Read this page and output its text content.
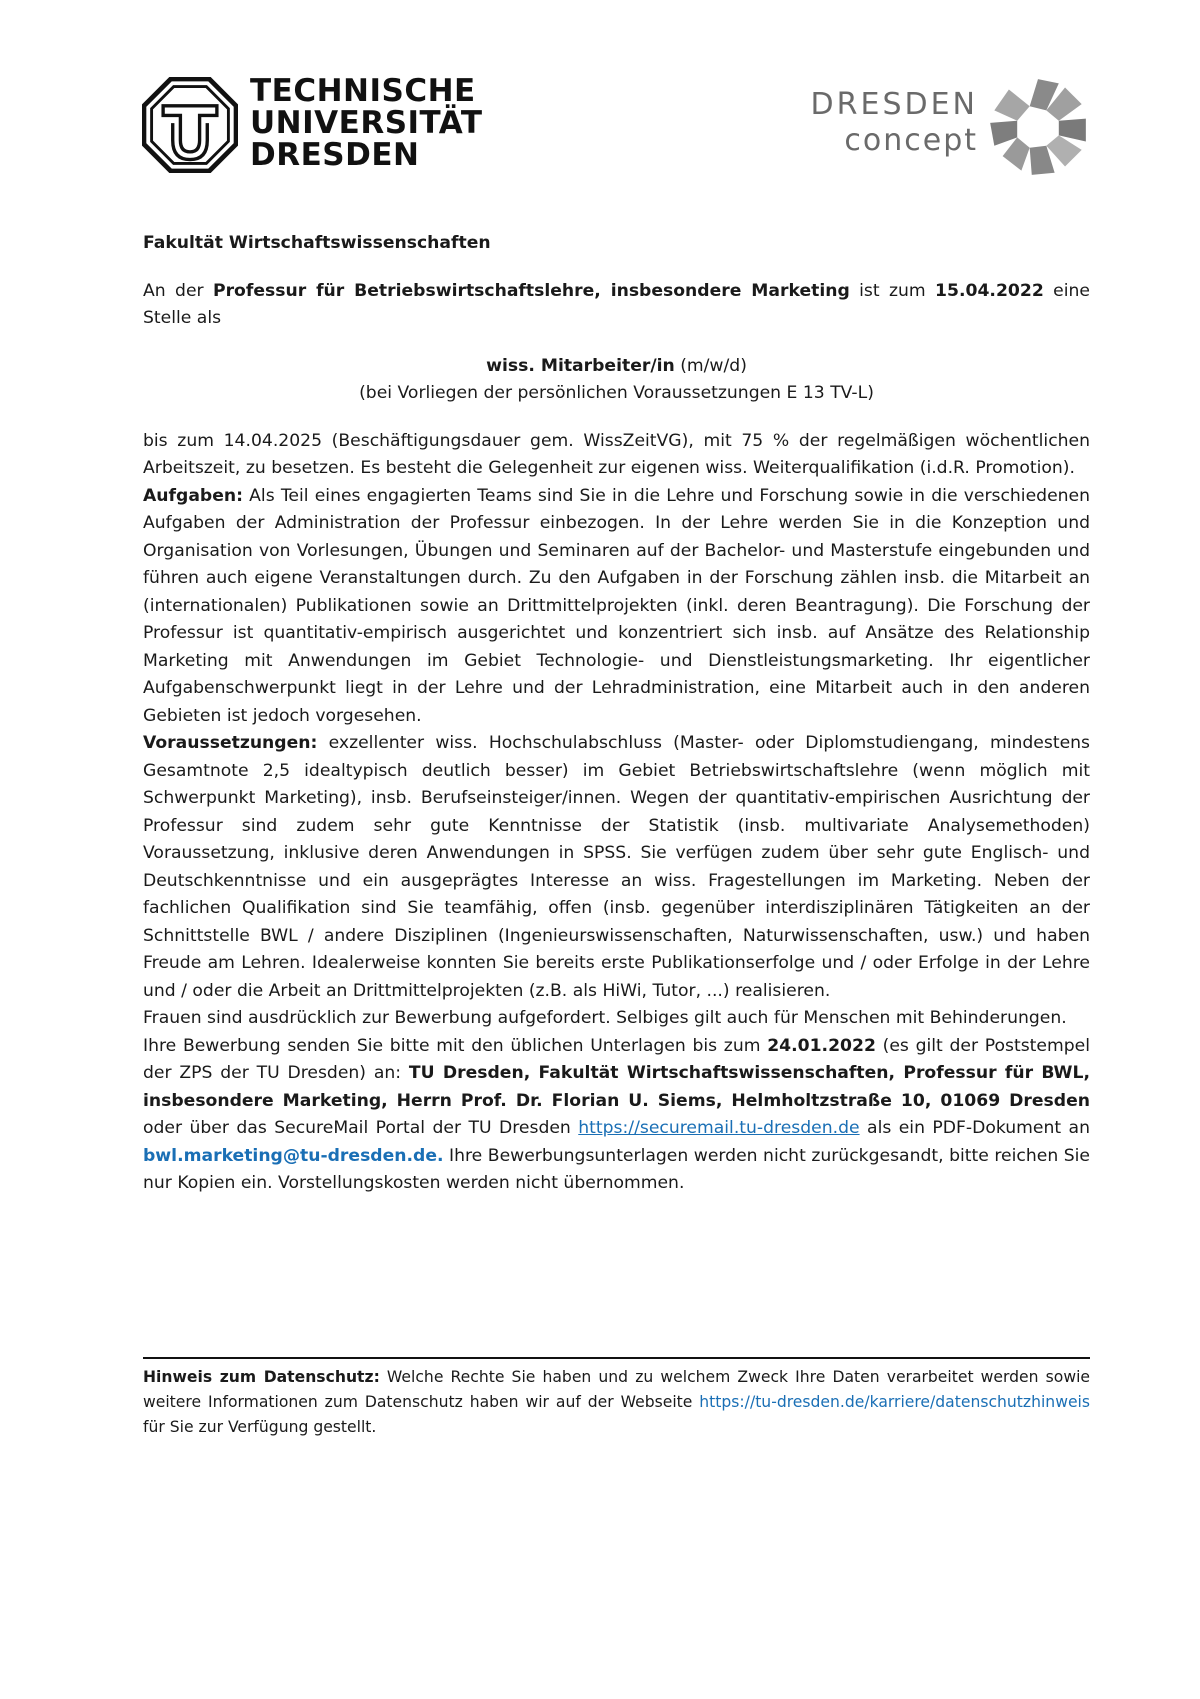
TECHNISCHE
UNIVERSITÄT
DRESDEN
DRESDEN
concept

Fakultät Wirtschaftswissenschaften

An der Professur für Betriebswirtschaftslehre, insbesondere Marketing ist zum 15.04.2022 eine Stelle als

wiss. Mitarbeiter/in (m/w/d)
(bei Vorliegen der persönlichen Voraussetzungen E 13 TV-L)

bis zum 14.04.2025 (Beschäftigungsdauer gem. WissZeitVG), mit 75 % der regelmäßigen wöchentlichen Arbeitszeit, zu besetzen. Es besteht die Gelegenheit zur eigenen wiss. Weiterqualifikation (i.d.R. Promotion).

Aufgaben: Als Teil eines engagierten Teams sind Sie in die Lehre und Forschung sowie in die verschiedenen Aufgaben der Administration der Professur einbezogen. In der Lehre werden Sie in die Konzeption und Organisation von Vorlesungen, Übungen und Seminaren auf der Bachelor- und Masterstufe eingebunden und führen auch eigene Veranstaltungen durch. Zu den Aufgaben in der Forschung zählen insb. die Mitarbeit an (internationalen) Publikationen sowie an Drittmittelprojekten (inkl. deren Beantragung). Die Forschung der Professur ist quantitativ-empirisch ausgerichtet und konzentriert sich insb. auf Ansätze des Relationship Marketing mit Anwendungen im Gebiet Technologie- und Dienstleistungsmarketing. Ihr eigentlicher Aufgabenschwerpunkt liegt in der Lehre und der Lehradministration, eine Mitarbeit auch in den anderen Gebieten ist jedoch vorgesehen.

Voraussetzungen: exzellenter wiss. Hochschulabschluss (Master- oder Diplomstudiengang, mindestens Gesamtnote 2,5 idealtypisch deutlich besser) im Gebiet Betriebswirtschaftslehre (wenn möglich mit Schwerpunkt Marketing), insb. Berufseinsteiger/innen. Wegen der quantitativ-empirischen Ausrichtung der Professur sind zudem sehr gute Kenntnisse der Statistik (insb. multivariate Analysemethoden) Voraussetzung, inklusive deren Anwendungen in SPSS. Sie verfügen zudem über sehr gute Englisch- und Deutschkenntnisse und ein ausgeprägtes Interesse an wiss. Fragestellungen im Marketing. Neben der fachlichen Qualifikation sind Sie teamfähig, offen (insb. gegenüber interdisziplinären Tätigkeiten an der Schnittstelle BWL / andere Disziplinen (Ingenieurswissenschaften, Naturwissenschaften, usw.) und haben Freude am Lehren. Idealerweise konnten Sie bereits erste Publikationserfolge und / oder Erfolge in der Lehre und / oder die Arbeit an Drittmittelprojekten (z.B. als HiWi, Tutor, ...) realisieren.

Frauen sind ausdrücklich zur Bewerbung aufgefordert. Selbiges gilt auch für Menschen mit Behinderungen.

Ihre Bewerbung senden Sie bitte mit den üblichen Unterlagen bis zum 24.01.2022 (es gilt der Poststempel der ZPS der TU Dresden) an: TU Dresden, Fakultät Wirtschaftswissenschaften, Professur für BWL, insbesondere Marketing, Herrn Prof. Dr. Florian U. Siems, Helmholtzstraße 10, 01069 Dresden oder über das SecureMail Portal der TU Dresden https://securemail.tu-dresden.de als ein PDF-Dokument an bwl.marketing@tu-dresden.de. Ihre Bewerbungsunterlagen werden nicht zurückgesandt, bitte reichen Sie nur Kopien ein. Vorstellungskosten werden nicht übernommen.

Hinweis zum Datenschutz: Welche Rechte Sie haben und zu welchem Zweck Ihre Daten verarbeitet werden sowie weitere Informationen zum Datenschutz haben wir auf der Webseite https://tu-dresden.de/karriere/datenschutzhinweis für Sie zur Verfügung gestellt.
